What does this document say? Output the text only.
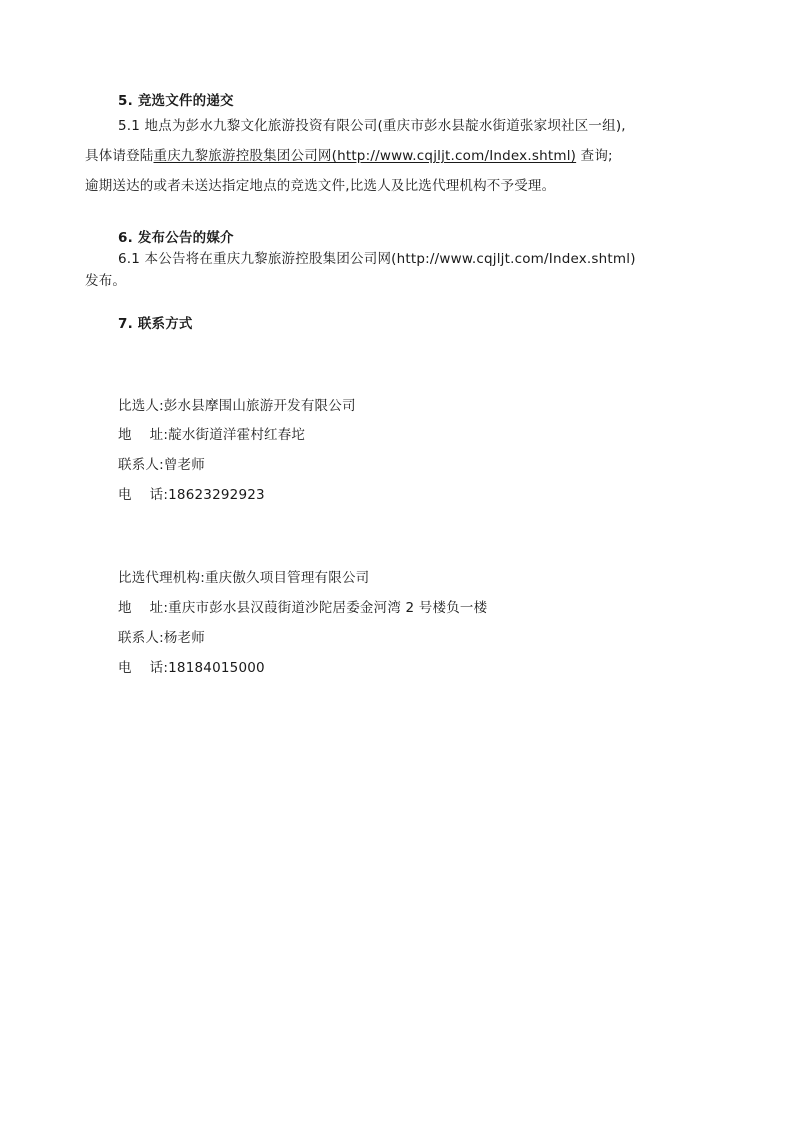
5. 竞选文件的递交
5.1 地点为彭水九黎文化旅游投资有限公司(重庆市彭水县靛水街道张家坝社区一组),
具体请登陆重庆九黎旅游控股集团公司网(http://www.cqjljt.com/Index.shtml) 查询;
逾期送达的或者未送达指定地点的竞选文件,比选人及比选代理机构不予受理。
6. 发布公告的媒介
6.1 本公告将在重庆九黎旅游控股集团公司网(http://www.cqjljt.com/Index.shtml)
发布。
7. 联系方式
比选人:彭水县摩围山旅游开发有限公司
地    址:靛水街道洋霍村红春坨
联系人:曾老师
电    话:18623292923
比选代理机构:重庆傲久项目管理有限公司
地    址:重庆市彭水县汉葭街道沙陀居委金河湾 2 号楼负一楼
联系人:杨老师
电    话:18184015000
